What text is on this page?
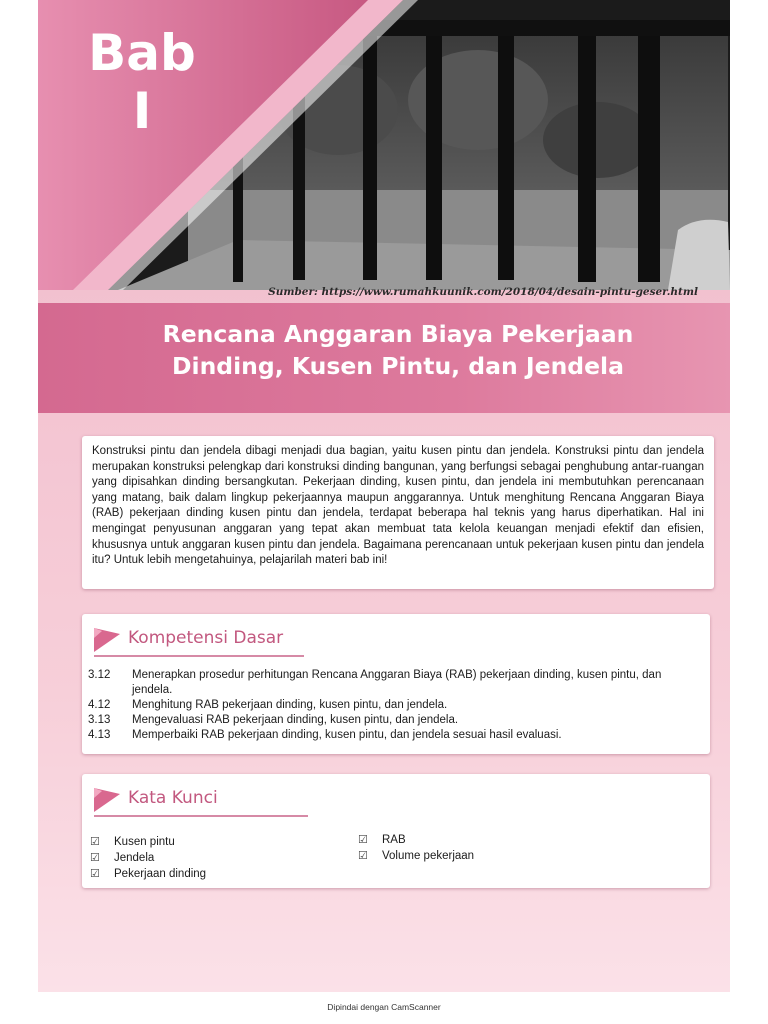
Bab
I
Sumber: https://www.rumahkuunik.com/2018/04/desain-pintu-geser.html
Rencana Anggaran Biaya Pekerjaan
Dinding, Kusen Pintu, dan Jendela

Konstruksi pintu dan jendela dibagi menjadi dua bagian, yaitu kusen pintu dan jendela. Konstruksi pintu dan jendela merupakan konstruksi pelengkap dari konstruksi dinding bangunan, yang berfungsi sebagai penghubung antar-ruangan yang dipisahkan dinding bersangkutan. Pekerjaan dinding, kusen pintu, dan jendela ini membutuhkan perencanaan yang matang, baik dalam lingkup pekerjaannya maupun anggarannya. Untuk menghitung Rencana Anggaran Biaya (RAB) pekerjaan dinding kusen pintu dan jendela, terdapat beberapa hal teknis yang harus diperhatikan. Hal ini mengingat penyusunan anggaran yang tepat akan membuat tata kelola keuangan menjadi efektif dan efisien, khususnya untuk anggaran kusen pintu dan jendela. Bagaimana perencanaan untuk pekerjaan kusen pintu dan jendela itu? Untuk lebih mengetahuinya, pelajarilah materi bab ini!

Kompetensi Dasar
3.12 Menerapkan prosedur perhitungan Rencana Anggaran Biaya (RAB) pekerjaan dinding, kusen pintu, dan jendela.
4.12 Menghitung RAB pekerjaan dinding, kusen pintu, dan jendela.
3.13 Mengevaluasi RAB pekerjaan dinding, kusen pintu, dan jendela.
4.13 Memperbaiki RAB pekerjaan dinding, kusen pintu, dan jendela sesuai hasil evaluasi.
Kata Kunci
☑ Kusen pintu
☑ Jendela
☑ Pekerjaan dinding
☑ RAB
☑ Volume pekerjaan
Dipindai dengan CamScanner
